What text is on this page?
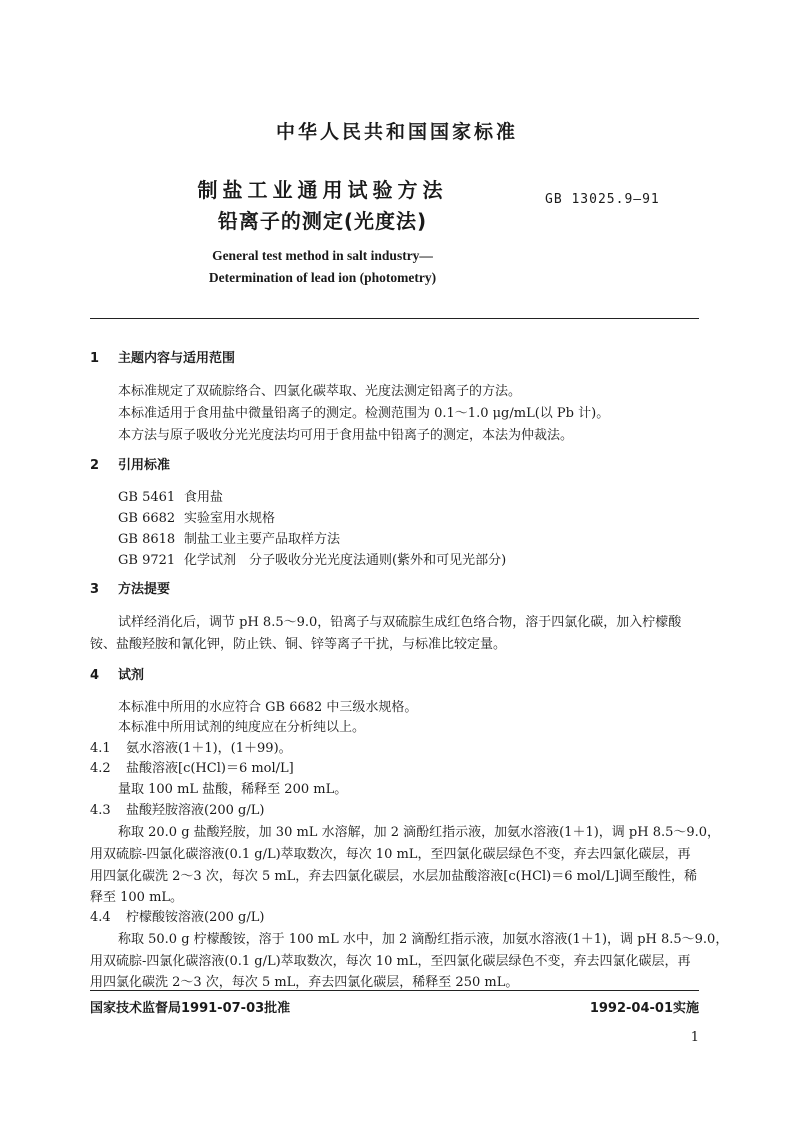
中华人民共和国国家标准
制盐工业通用试验方法
铅离子的测定(光度法)
GB 13025.9—91
General test method in salt industry—
Determination of lead ion (photometry)
1 主题内容与适用范围
本标准规定了双硫腙络合、四氯化碳萃取、光度法测定铅离子的方法。
本标准适用于食用盐中微量铅离子的测定。检测范围为 0.1～1.0 μg/mL(以 Pb 计)。
本方法与原子吸收分光光度法均可用于食用盐中铅离子的测定，本法为仲裁法。
2 引用标准
GB 5461 食用盐
GB 6682 实验室用水规格
GB 8618 制盐工业主要产品取样方法
GB 9721 化学试剂　分子吸收分光光度法通则(紫外和可见光部分)
3 方法提要
试样经消化后，调节 pH 8.5～9.0，铅离子与双硫腙生成红色络合物，溶于四氯化碳，加入柠檬酸
铵、盐酸羟胺和氰化钾，防止铁、铜、锌等离子干扰，与标准比较定量。
4 试剂
本标准中所用的水应符合 GB 6682 中三级水规格。
本标准中所用试剂的纯度应在分析纯以上。
4.1 氨水溶液(1＋1)，(1＋99)。
4.2 盐酸溶液[c(HCl)＝6 mol/L]
量取 100 mL 盐酸，稀释至 200 mL。
4.3 盐酸羟胺溶液(200 g/L)
称取 20.0 g 盐酸羟胺，加 30 mL 水溶解，加 2 滴酚红指示液，加氨水溶液(1＋1)，调 pH 8.5～9.0，
用双硫腙-四氯化碳溶液(0.1 g/L)萃取数次，每次 10 mL，至四氯化碳层绿色不变，弃去四氯化碳层，再
用四氯化碳洗 2～3 次，每次 5 mL，弃去四氯化碳层，水层加盐酸溶液[c(HCl)＝6 mol/L]调至酸性，稀
释至 100 mL。
4.4 柠檬酸铵溶液(200 g/L)
称取 50.0 g 柠檬酸铵，溶于 100 mL 水中，加 2 滴酚红指示液，加氨水溶液(1＋1)，调 pH 8.5～9.0，
用双硫腙-四氯化碳溶液(0.1 g/L)萃取数次，每次 10 mL，至四氯化碳层绿色不变，弃去四氯化碳层，再
用四氯化碳洗 2～3 次，每次 5 mL，弃去四氯化碳层，稀释至 250 mL。
国家技术监督局1991-07-03批准	1992-04-01实施
1
